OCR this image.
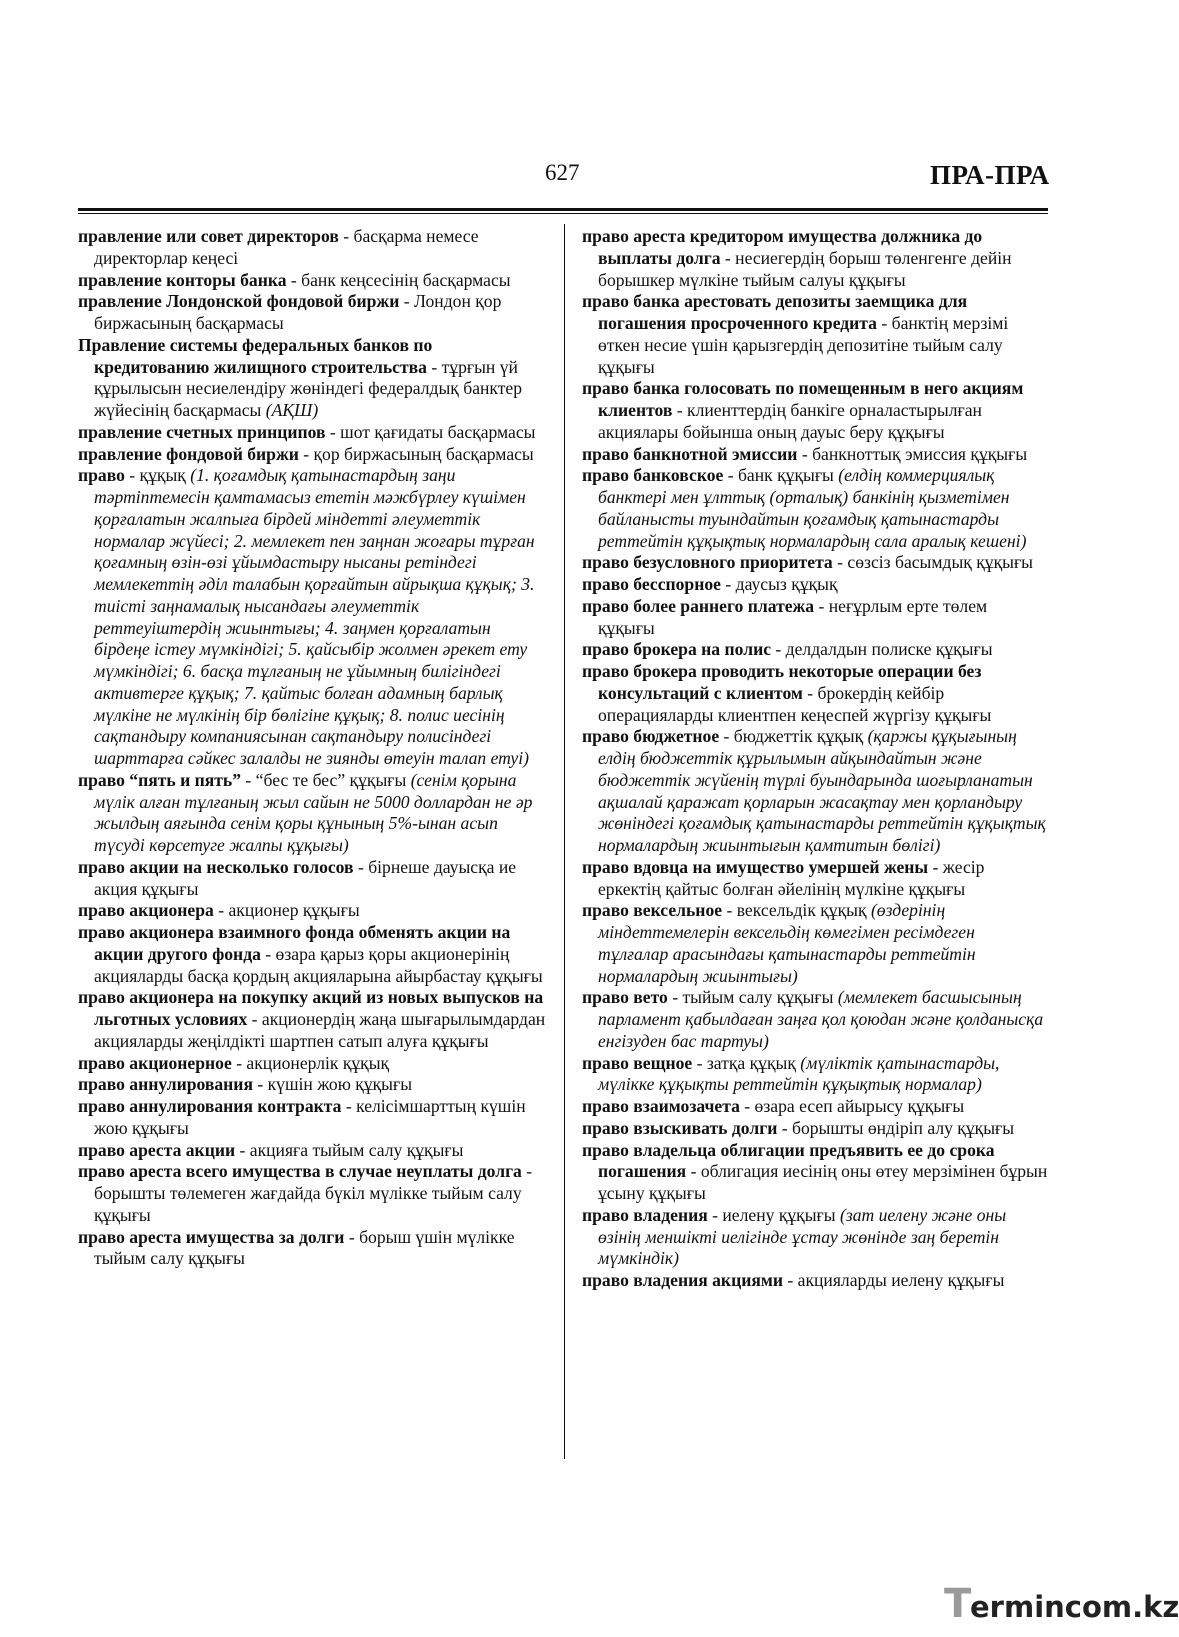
627	ПРА-ПРА

правление или совет директоров - басқарма немесе директорлар кеңесі

правление конторы банка - банк кеңсесінің басқармасы

правление Лондонской фондовой биржи - Лондон қор биржасының басқармасы

Правление системы федеральных банков по кредитованию жилищного строительства - тұрғын үй құрылысын несиелендіру жөніндегі федералдық банктер жүйесінің басқармасы (АҚШ)

правление счетных принципов - шот қағидаты басқармасы

правление фондовой биржи - қор биржасының басқармасы

право - құқық (1. қоғамдық қатынастардың заңи тәртіптемесін қамтамасыз ететін мәжбүрлеу күшімен қорғалатын жалпыға бірдей міндетті әлеуметтік нормалар жүйесі; 2. мемлекет пен заңнан жоғары тұрған қоғамның өзін-өзі ұйымдастыру нысаны ретіндегі мемлекеттің әділ талабын қорғайтын айрықша құқық; 3. тиісті заңнамалық нысандағы әлеуметтік реттеуіштердің жиынтығы; 4. заңмен қорғалатын бірдеңе істеу мүмкіндігі; 5. қайсыбір жолмен әрекет ету мүмкіндігі; 6. басқа тұлғаның не ұйымның билігіндегі активтерге құқық; 7. қайтыс болған адамның барлық мүлкіне не мүлкінің бір бөлігіне құқық; 8. полис иесінің сақтандыру компаниясынан сақтандыру полисіндегі шарттарға сәйкес залалды не зиянды өтеуін талап етуі)

право “пять и пять” - “бес те бес” құқығы (сенім қорына мүлік алған тұлғаның жыл сайын не 5000 доллардан не әр жылдың аяғында сенім қоры құнының 5%-ынан асып түсуді көрсетуге жалпы құқығы)

право акции на несколько голосов - бірнеше дауысқа ие акция құқығы

право акционера - акционер құқығы

право акционера взаимного фонда обменять акции на акции другого фонда - өзара қарыз қоры акционерінің акцияларды басқа қордың акцияларына айырбастау құқығы

право акционера на покупку акций из новых выпусков на льготных условиях - акционердің жаңа шығарылымдардан акцияларды жеңілдікті шартпен сатып алуға құқығы

право акционерное - акционерлік құқық

право аннулирования - күшін жою құқығы

право аннулирования контракта - келісімшарттың күшін жою құқығы

право ареста акции - акцияға тыйым салу құқығы

право ареста всего имущества в случае неуплаты долга - борышты төлемеген жағдайда бүкіл мүлікке тыйым салу құқығы

право ареста имущества за долги - борыш үшін мүлікке тыйым салу құқығы

право ареста кредитором имущества должника до выплаты долга - несиегердің борыш төленгенге дейін борышкер мүлкіне тыйым салуы құқығы

право банка арестовать депозиты заемщика для погашения просроченного кредита - банктің мерзімі өткен несие үшін қарызгердің депозитіне тыйым салу құқығы

право банка голосовать по помещенным в него акциям клиентов - клиенттердің банкіге орналастырылған акциялары бойынша оның дауыс беру құқығы

право банкнотной эмиссии - банкноттық эмиссия құқығы

право банковское - банк құқығы (елдің коммерциялық банктері мен ұлттық (орталық) банкінің қызметімен байланысты туындайтын қоғамдық қатынастарды реттейтін құқықтық нормалардың сала аралық кешені)

право безусловного приоритета - сөзсіз басымдық құқығы

право бесспорное - даусыз құқық

право более раннего платежа - неғұрлым ерте төлем құқығы

право брокера на полис - делдалдын полиске құқығы

право брокера проводить некоторые операции без консультаций с клиентом - брокердің кейбір операцияларды клиентпен кеңеспей жүргізу құқығы

право бюджетное - бюджеттік құқық (қаржы құқығының елдің бюджеттік құрылымын айқындайтын және бюджеттік жүйенің түрлі буындарында шоғырланатын ақшалай қаражат қорларын жасақтау мен қорландыру жөніндегі қоғамдық қатынастарды реттейтін құқықтық нормалардың жиынтығын қамтитын бөлігі)

право вдовца на имущество умершей жены - жесір еркектің қайтыс болған әйелінің мүлкіне құқығы

право вексельное - вексельдік құқық (өздерінің міндеттемелерін вексельдің көмегімен ресімдеген тұлғалар арасындағы қатынастарды реттейтін нормалардың жиынтығы)

право вето - тыйым салу құқығы (мемлекет басшысының парламент қабылдаған заңға қол қоюдан және қолданысқа енгізуден бас тартуы)

право вещное - затқа құқық (мүліктік қатынастарды, мүлікке құқықты реттейтін құқықтық нормалар)

право взаимозачета - өзара есеп айырысу құқығы

право взыскивать долги - борышты өндіріп алу құқығы

право владельца облигации предъявить ее до срока погашения - облигация иесінің оны өтеу мерзімінен бұрын ұсыну құқығы

право владения - иелену құқығы (зат иелену және оны өзінің меншікті иелігінде ұстау жөнінде заң беретін мүмкіндік)

право владения акциями - акцияларды иелену құқығы

T
ermincοm.kz
